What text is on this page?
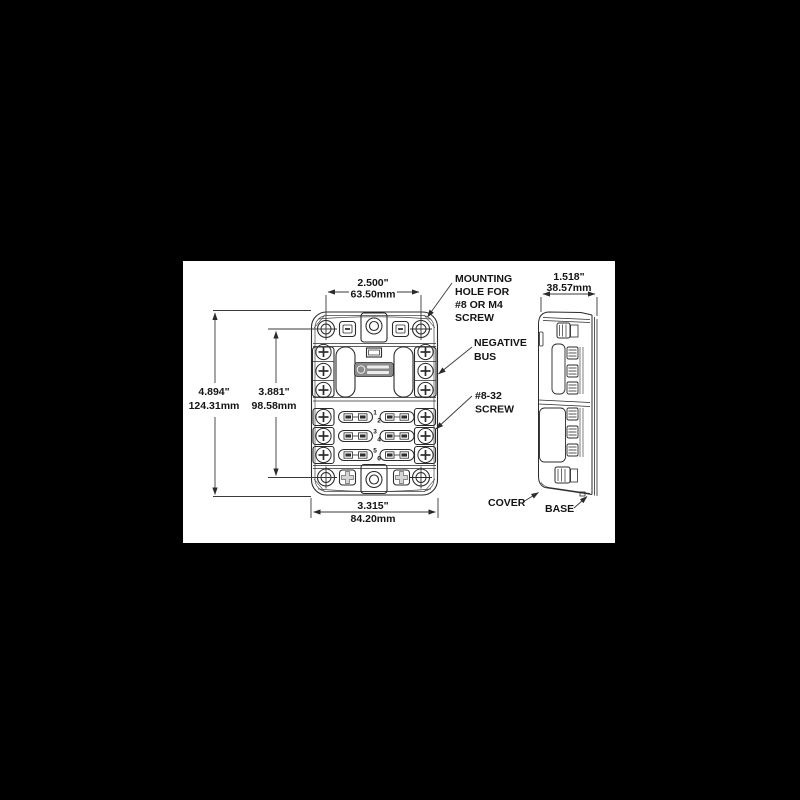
1
2
3
4
5
6
2.500"
63.50mm
4.894"
124.31mm
3.881"
98.58mm
3.315"
84.20mm
1.518"
38.57mm
MOUNTING
HOLE FOR
#8 OR M4
SCREW
NEGATIVE
BUS
#8-32
SCREW
COVER BASE
